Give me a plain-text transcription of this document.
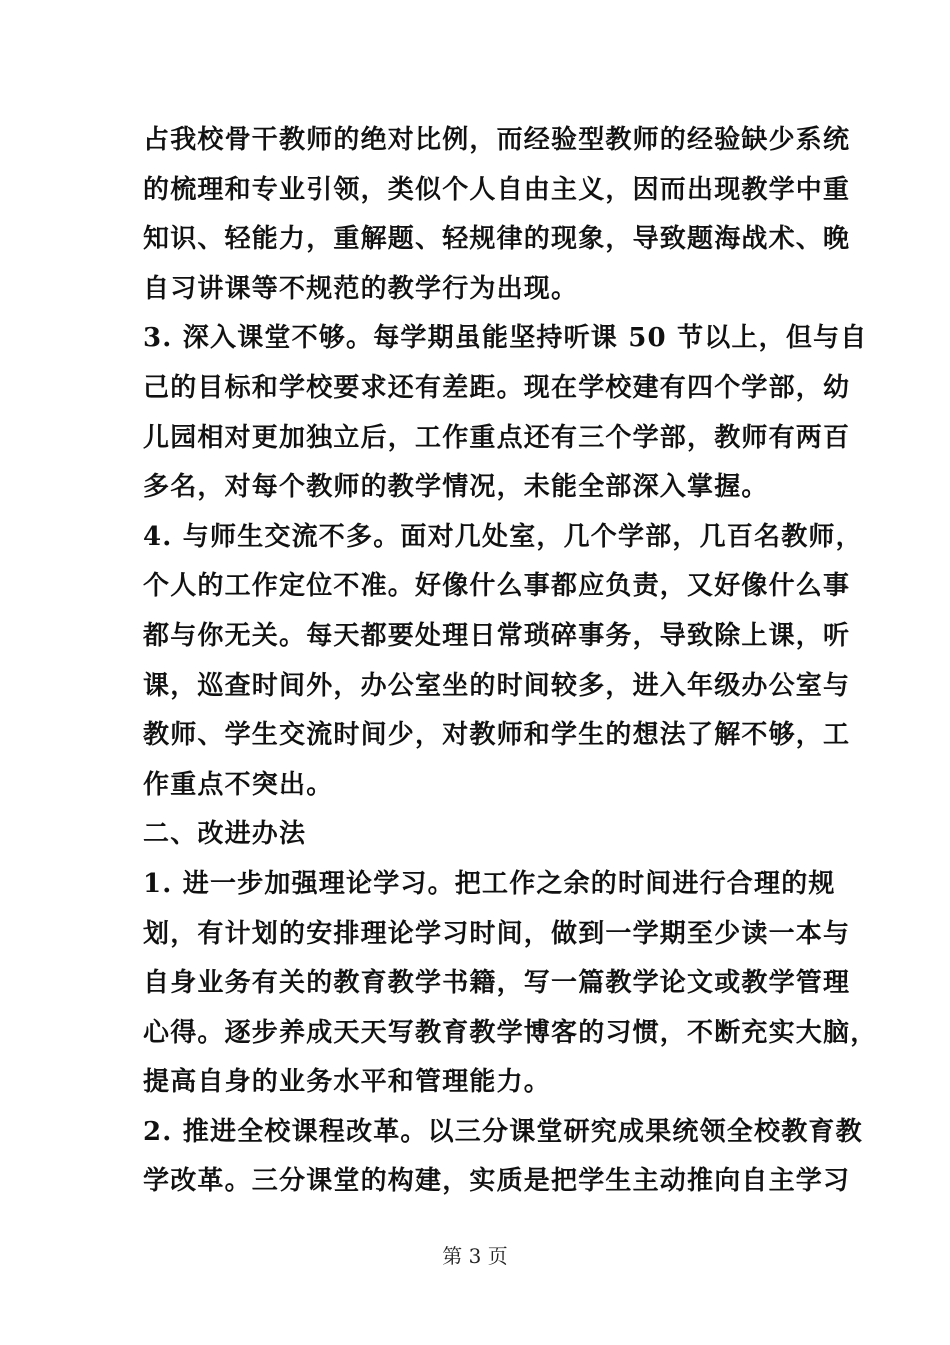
占我校骨干教师的绝对比例，而经验型教师的经验缺少系统
的梳理和专业引领，类似个人自由主义，因而出现教学中重
知识、轻能力，重解题、轻规律的现象，导致题海战术、晚
自习讲课等不规范的教学行为出现。
3. 深入课堂不够。每学期虽能坚持听课 50 节以上，但与自
己的目标和学校要求还有差距。现在学校建有四个学部，幼
儿园相对更加独立后，工作重点还有三个学部，教师有两百
多名，对每个教师的教学情况，未能全部深入掌握。
4. 与师生交流不多。面对几处室，几个学部，几百名教师，
个人的工作定位不准。好像什么事都应负责，又好像什么事
都与你无关。每天都要处理日常琐碎事务，导致除上课，听
课，巡查时间外，办公室坐的时间较多，进入年级办公室与
教师、学生交流时间少，对教师和学生的想法了解不够，工
作重点不突出。
二、改进办法
1. 进一步加强理论学习。把工作之余的时间进行合理的规
划，有计划的安排理论学习时间，做到一学期至少读一本与
自身业务有关的教育教学书籍，写一篇教学论文或教学管理
心得。逐步养成天天写教育教学博客的习惯，不断充实大脑，
提高自身的业务水平和管理能力。
2. 推进全校课程改革。以三分课堂研究成果统领全校教育教
学改革。三分课堂的构建，实质是把学生主动推向自主学习
第 3 页
